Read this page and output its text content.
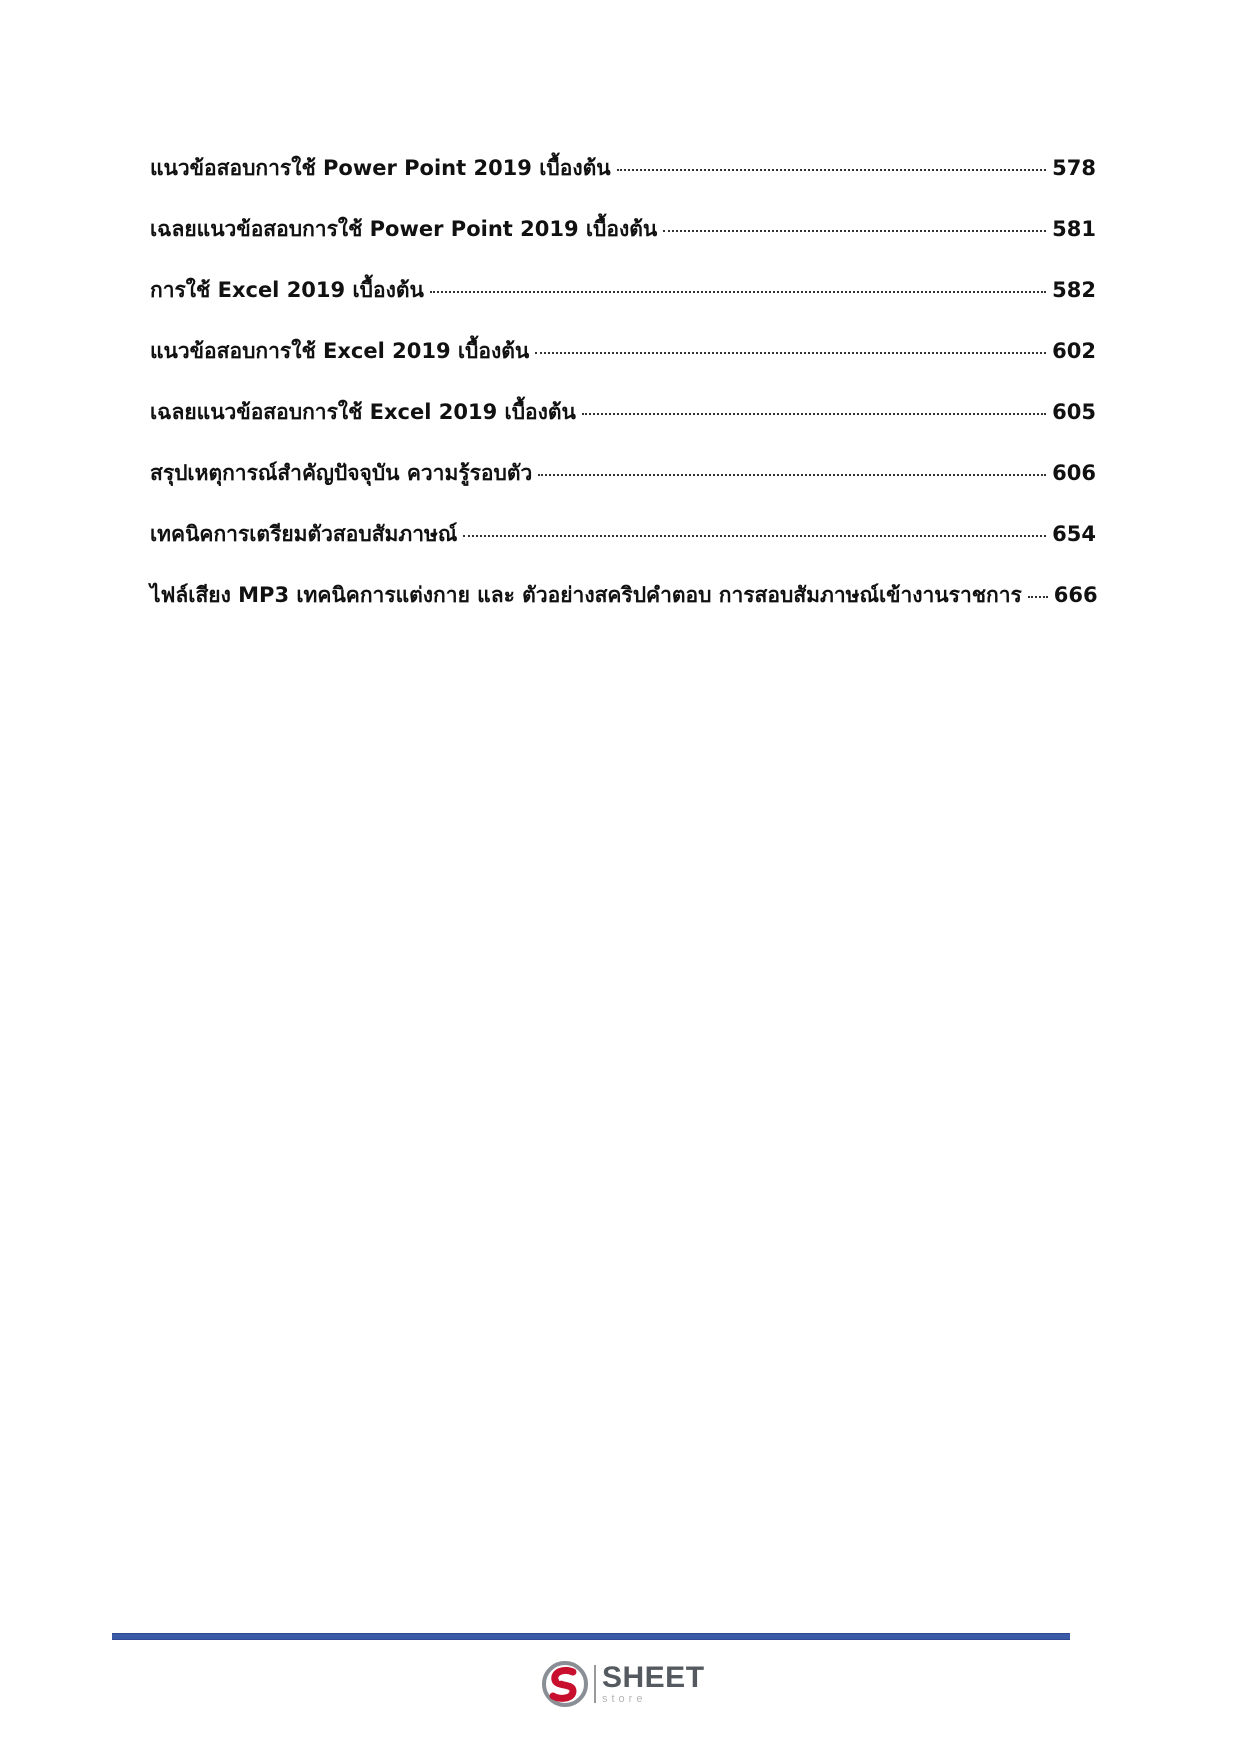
แนวข้อสอบการใช้ Power Point 2019 เบื้องต้น	578
เฉลยแนวข้อสอบการใช้ Power Point 2019 เบื้องต้น	581
การใช้ Excel 2019 เบื้องต้น	582
แนวข้อสอบการใช้ Excel 2019 เบื้องต้น	602
เฉลยแนวข้อสอบการใช้ Excel 2019 เบื้องต้น	605
สรุปเหตุการณ์สำคัญปัจจุบัน ความรู้รอบตัว	606
เทคนิคการเตรียมตัวสอบสัมภาษณ์	654
ไฟล์เสียง MP3 เทคนิคการแต่งกาย และ ตัวอย่างสคริปคำตอบ การสอบสัมภาษณ์เข้างานราชการ 666
SHEET
store
